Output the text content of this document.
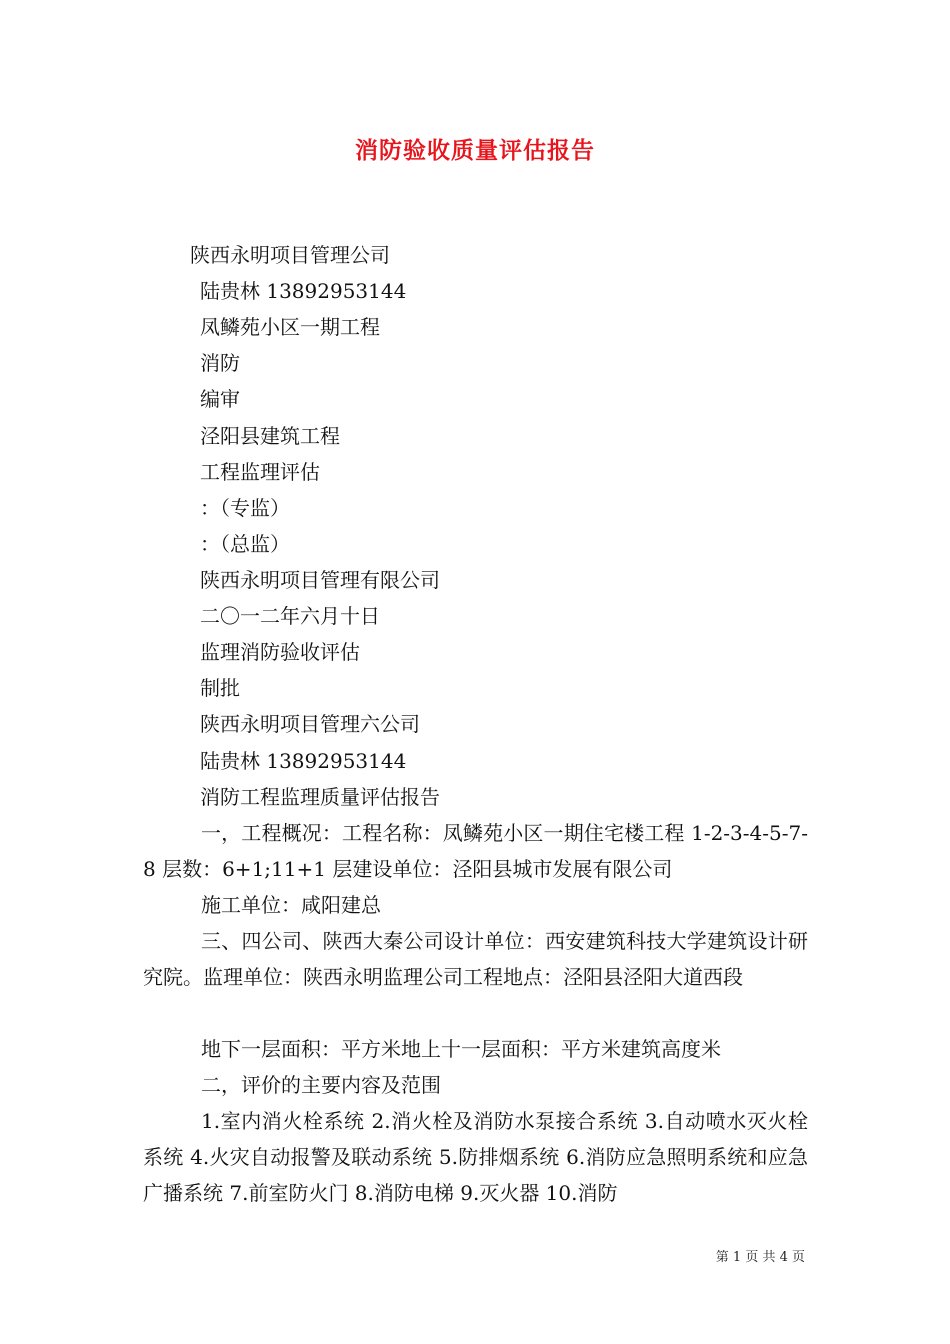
消防验收质量评估报告
陕西永明项目管理公司
陆贵林 13892953144
凤鳞苑小区一期工程
消防
编审
泾阳县建筑工程
工程监理评估
：（专监）
：（总监）
陕西永明项目管理有限公司
二〇一二年六月十日
监理消防验收评估
制批
陕西永明项目管理六公司
陆贵林 13892953144
消防工程监理质量评估报告
一，工程概况：工程名称：凤鳞苑小区一期住宅楼工程 1-2-3-4-5-7-8 层数：6+1;11+1 层建设单位：泾阳县城市发展有限公司
施工单位：咸阳建总
三、四公司、陕西大秦公司设计单位：西安建筑科技大学建筑设计研究院。监理单位：陕西永明监理公司工程地点：泾阳县泾阳大道西段
地下一层面积：平方米地上十一层面积：平方米建筑高度米
二，评价的主要内容及范围
1.室内消火栓系统 2.消火栓及消防水泵接合系统 3.自动喷水灭火栓系统 4.火灾自动报警及联动系统 5.防排烟系统 6.消防应急照明系统和应急广播系统 7.前室防火门 8.消防电梯 9.灭火器 10.消防
第 1 页 共 4 页
